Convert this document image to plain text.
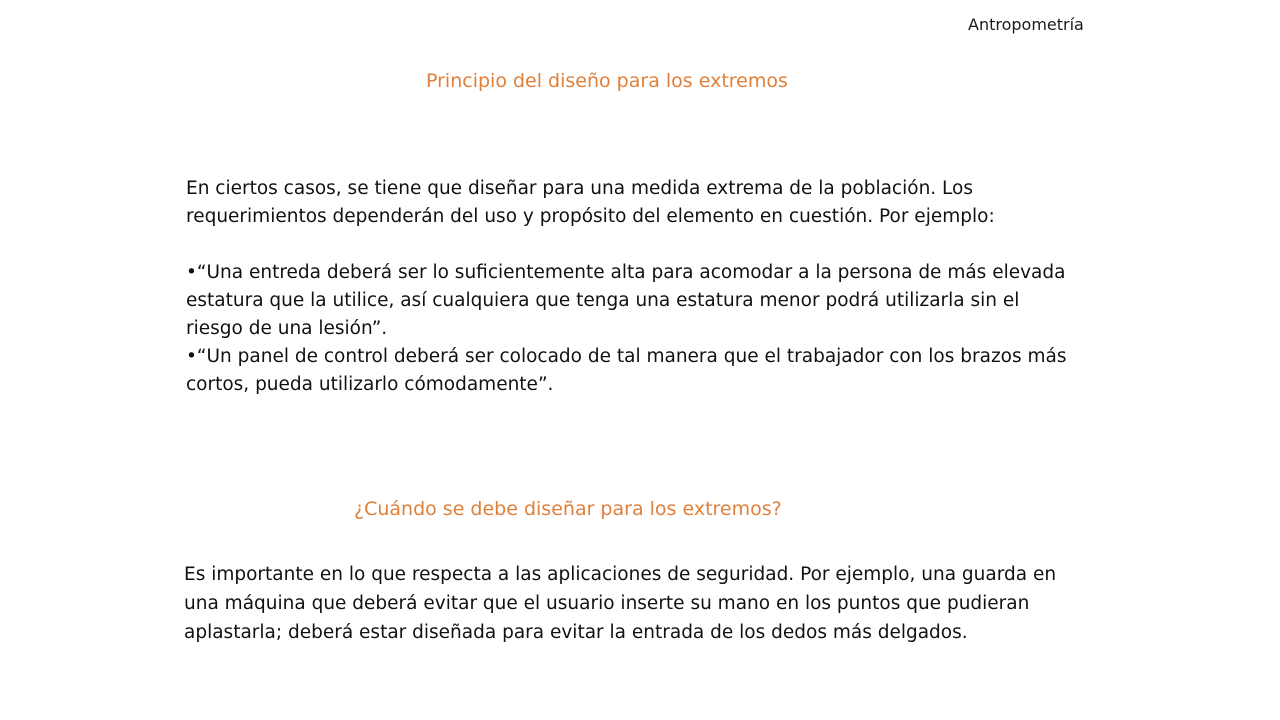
Antropometría
Principio del diseño para los extremos

En ciertos casos, se tiene que diseñar para una medida extrema de la población. Los

requerimientos dependerán del uso y propósito del elemento en cuestión. Por ejemplo:

•“Una entreda deberá ser lo suficientemente alta para acomodar a la persona de más elevada

estatura que la utilice, así cualquiera que tenga una estatura menor podrá utilizarla sin el

riesgo de una lesión”.

•“Un panel de control deberá ser colocado de tal manera que el trabajador con los brazos más

cortos, pueda utilizarlo cómodamente”.

¿Cuándo se debe diseñar para los extremos?

Es importante en lo que respecta a las aplicaciones de seguridad. Por ejemplo, una guarda en

una máquina que deberá evitar que el usuario inserte su mano en los puntos que pudieran

aplastarla; deberá estar diseñada para evitar la entrada de los dedos más delgados.
